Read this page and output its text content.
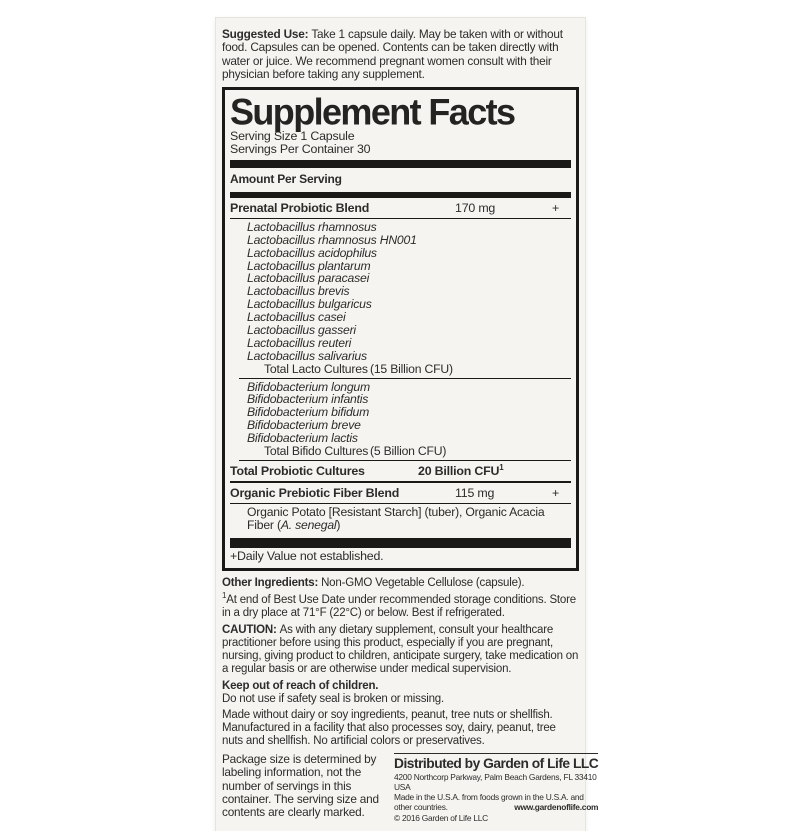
Suggested Use: Take 1 capsule daily. May be taken with or without food. Capsules can be opened. Contents can be taken directly with water or juice. We recommend pregnant women consult with their physician before taking any supplement.

Supplement Facts
Serving Size 1 Capsule
Servings Per Container 30
Amount Per Serving
Prenatal Probiotic Blend	170 mg	+
Lactobacillus rhamnosus
Lactobacillus rhamnosus HN001
Lactobacillus acidophilus
Lactobacillus plantarum
Lactobacillus paracasei
Lactobacillus brevis
Lactobacillus bulgaricus
Lactobacillus casei
Lactobacillus gasseri
Lactobacillus reuteri
Lactobacillus salivarius
Total Lacto Cultures (15 Billion CFU)
Bifidobacterium longum
Bifidobacterium infantis
Bifidobacterium bifidum
Bifidobacterium breve
Bifidobacterium lactis
Total Bifido Cultures (5 Billion CFU)
Total Probiotic Cultures	20 Billion CFU$^1$
Organic Prebiotic Fiber Blend	115 mg	+
Organic Potato [Resistant Starch] (tuber), Organic Acacia Fiber (A. senegal)
+Daily Value not established.

Other Ingredients: Non-GMO Vegetable Cellulose (capsule).

$^1$At end of Best Use Date under recommended storage conditions. Store in a dry place at 71°F (22°C) or below. Best if refrigerated.

CAUTION: As with any dietary supplement, consult your healthcare practitioner before using this product, especially if you are pregnant, nursing, giving product to children, anticipate surgery, take medication on a regular basis or are otherwise under medical supervision.

Keep out of reach of children.
Do not use if safety seal is broken or missing.

Made without dairy or soy ingredients, peanut, tree nuts or shellfish. Manufactured in a facility that also processes soy, dairy, peanut, tree nuts and shellfish. No artificial colors or preservatives.

Package size is determined by labeling information, not the number of servings in this container. The serving size and contents are clearly marked.
Distributed by Garden of Life LLC
4200 Northcorp Parkway, Palm Beach Gardens, FL 33410 USA
Made in the U.S.A. from foods grown in the U.S.A. and
other countries.	www.gardenoflife.com
© 2016 Garden of Life LLC
